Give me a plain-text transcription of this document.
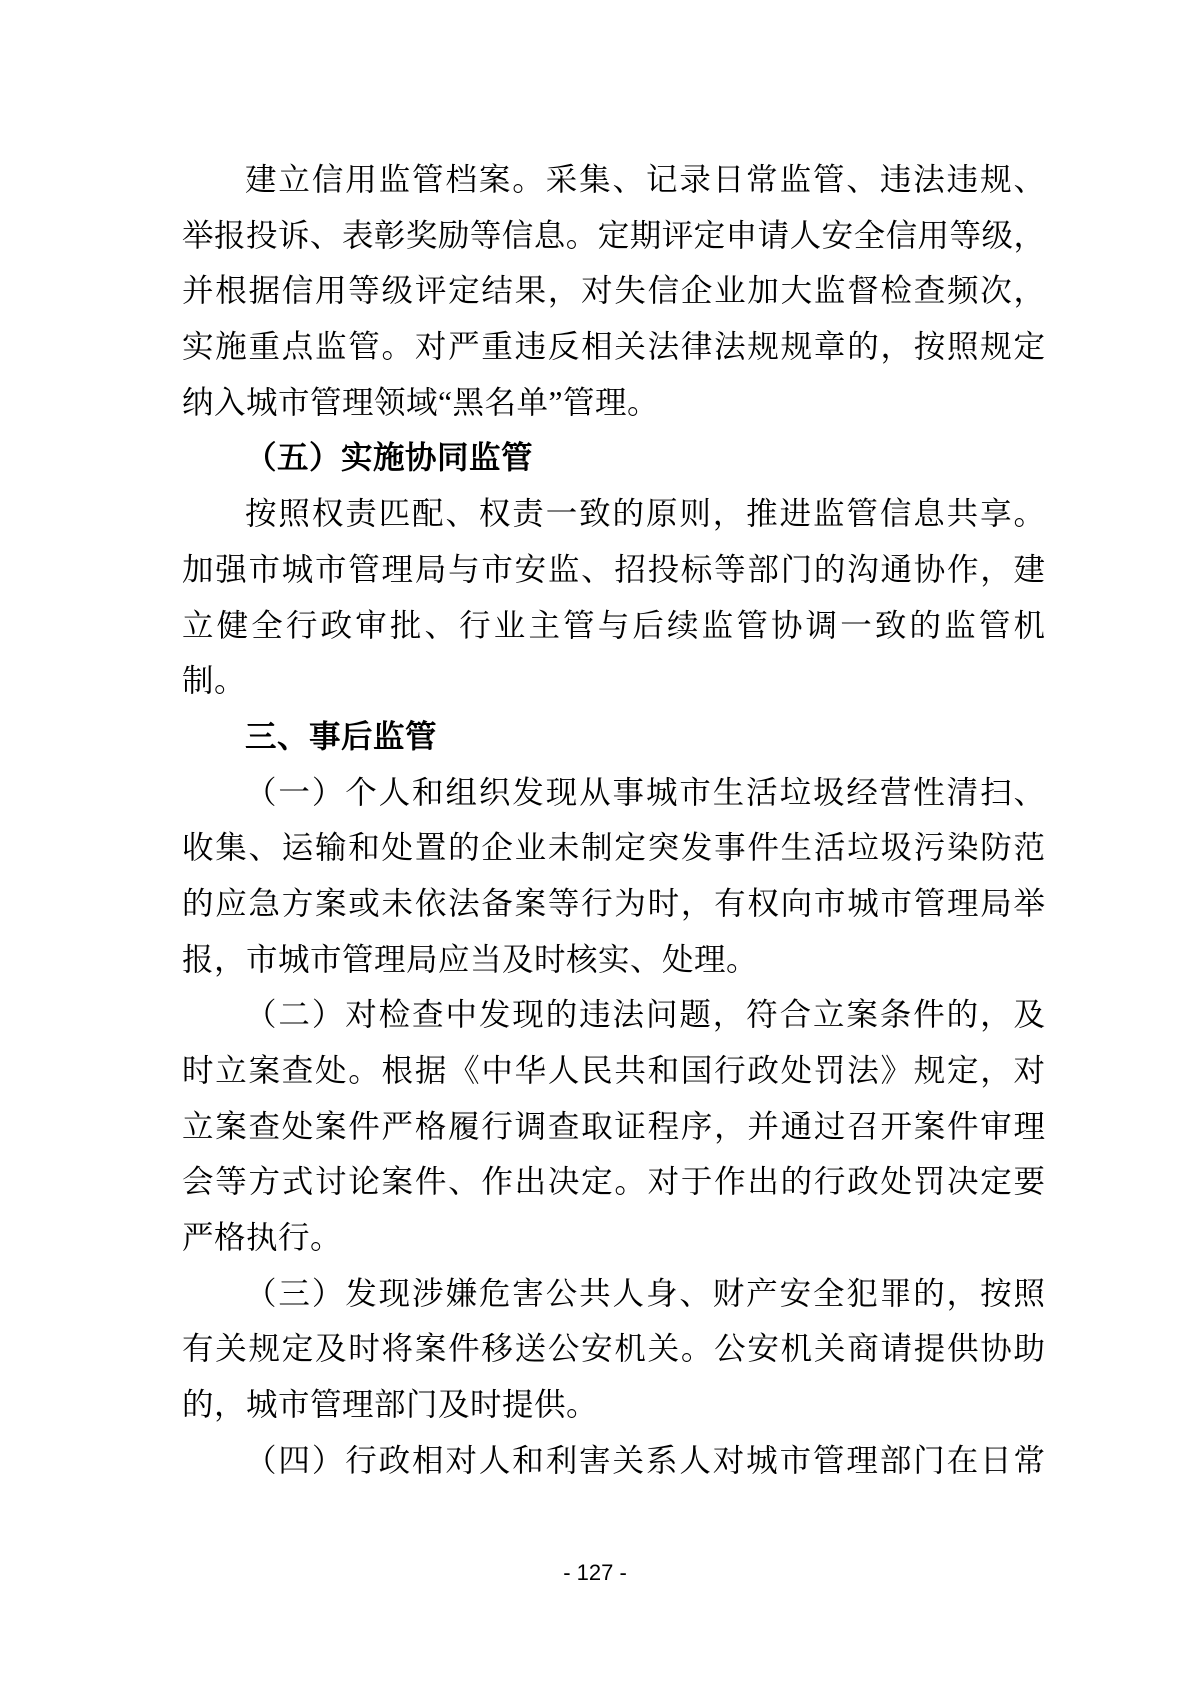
建立信用监管档案。采集、记录日常监管、违法违规、
举报投诉、表彰奖励等信息。定期评定申请人安全信用等级，
并根据信用等级评定结果，对失信企业加大监督检查频次，
实施重点监管。对严重违反相关法律法规规章的，按照规定
纳入城市管理领域“黑名单”管理。
（五）实施协同监管
按照权责匹配、权责一致的原则，推进监管信息共享。
加强市城市管理局与市安监、招投标等部门的沟通协作，建
立健全行政审批、行业主管与后续监管协调一致的监管机
制。
三、事后监管
（一）个人和组织发现从事城市生活垃圾经营性清扫、
收集、运输和处置的企业未制定突发事件生活垃圾污染防范
的应急方案或未依法备案等行为时，有权向市城市管理局举
报，市城市管理局应当及时核实、处理。
（二）对检查中发现的违法问题，符合立案条件的，及
时立案查处。根据《中华人民共和国行政处罚法》规定，对
立案查处案件严格履行调查取证程序，并通过召开案件审理
会等方式讨论案件、作出决定。对于作出的行政处罚决定要
严格执行。
（三）发现涉嫌危害公共人身、财产安全犯罪的，按照
有关规定及时将案件移送公安机关。公安机关商请提供协助
的，城市管理部门及时提供。
（四）行政相对人和利害关系人对城市管理部门在日常
- 127 -
